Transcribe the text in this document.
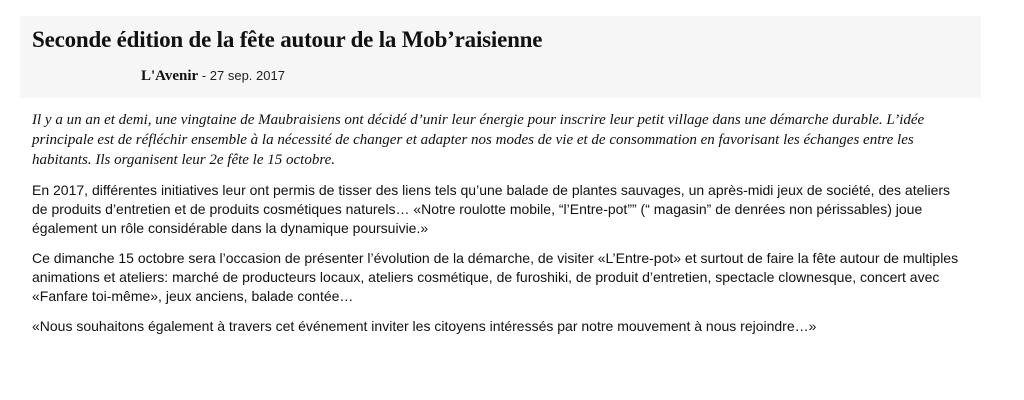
Seconde édition de la fête autour de la Mob’raisienne
L'Avenir - 27 sep. 2017

Il y a un an et demi, une vingtaine de Maubraisiens ont décidé d’unir leur énergie pour inscrire leur petit village dans une démarche durable. L’idée principale est de réfléchir ensemble à la nécessité de changer et adapter nos modes de vie et de consommation en favorisant les échanges entre les habitants. Ils organisent leur 2e fête le 15 octobre.

En 2017, différentes initiatives leur ont permis de tisser des liens tels qu’une balade de plantes sauvages, un après-midi jeux de société, des ateliers de produits d’entretien et de produits cosmétiques naturels… «Notre roulotte mobile, “l’Entre-pot”” (“ magasin” de denrées non périssables) joue également un rôle considérable dans la dynamique poursuivie.»

Ce dimanche 15 octobre sera l’occasion de présenter l’évolution de la démarche, de visiter «L’Entre-pot» et surtout de faire la fête autour de multiples animations et ateliers: marché de producteurs locaux, ateliers cosmétique, de furoshiki, de produit d’entretien, spectacle clownesque, concert avec «Fanfare toi-même», jeux anciens, balade contée…

«Nous souhaitons également à travers cet événement inviter les citoyens intéressés par notre mouvement à nous rejoindre…»
